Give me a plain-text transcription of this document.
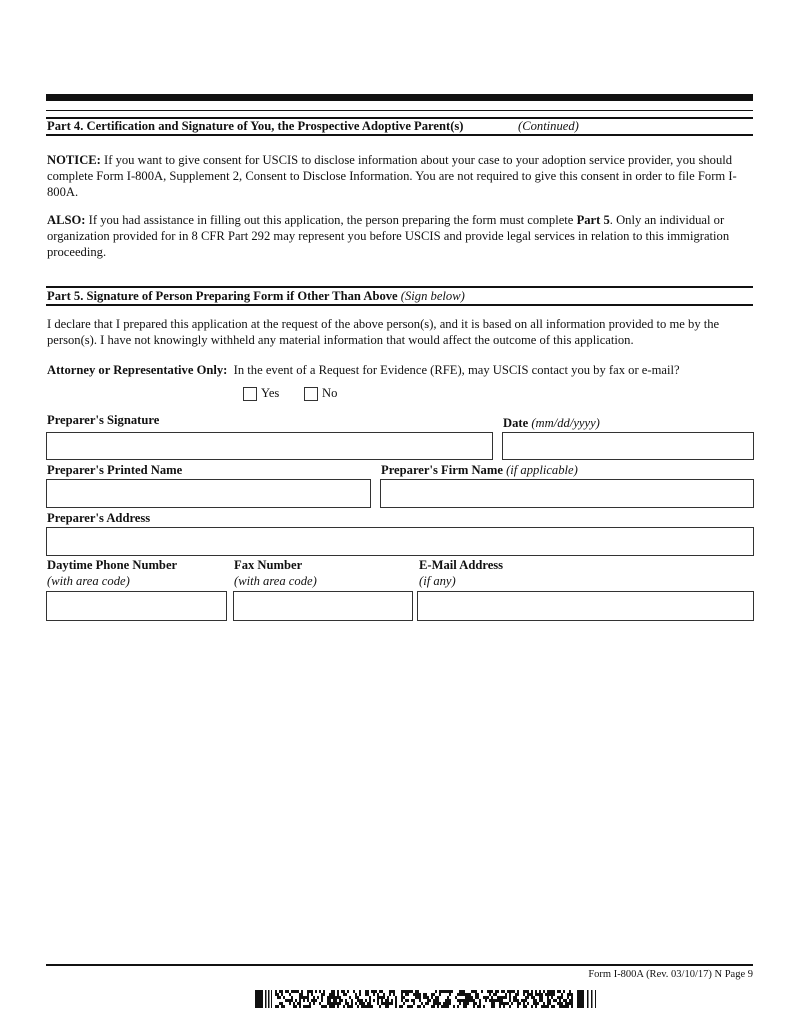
Part 4. Certification and Signature of You, the Prospective Adoptive Parent(s)	(Continued)
NOTICE: If you want to give consent for USCIS to disclose information about your case to your adoption service provider, you should complete Form I-800A, Supplement 2, Consent to Disclose Information. You are not required to give this consent in order to file Form I-800A.
ALSO: If you had assistance in filling out this application, the person preparing the form must complete Part 5. Only an individual or organization provided for in 8 CFR Part 292 may represent you before USCIS and provide legal services in relation to this immigration proceeding.
Part 5. Signature of Person Preparing Form if Other Than Above (Sign below)
I declare that I prepared this application at the request of the above person(s), and it is based on all information provided to me by the person(s). I have not knowingly withheld any material information that would affect the outcome of this application.
Attorney or Representative Only: In the event of a Request for Evidence (RFE), may USCIS contact you by fax or e-mail?
Yes	No
Preparer's Signature	Date (mm/dd/yyyy)
Preparer's Printed Name	Preparer's Firm Name (if applicable)
Preparer's Address
Daytime Phone Number
(with area code)
Fax Number
(with area code)
E-Mail Address
(if any)
Form I-800A (Rev. 03/10/17) N Page 9
